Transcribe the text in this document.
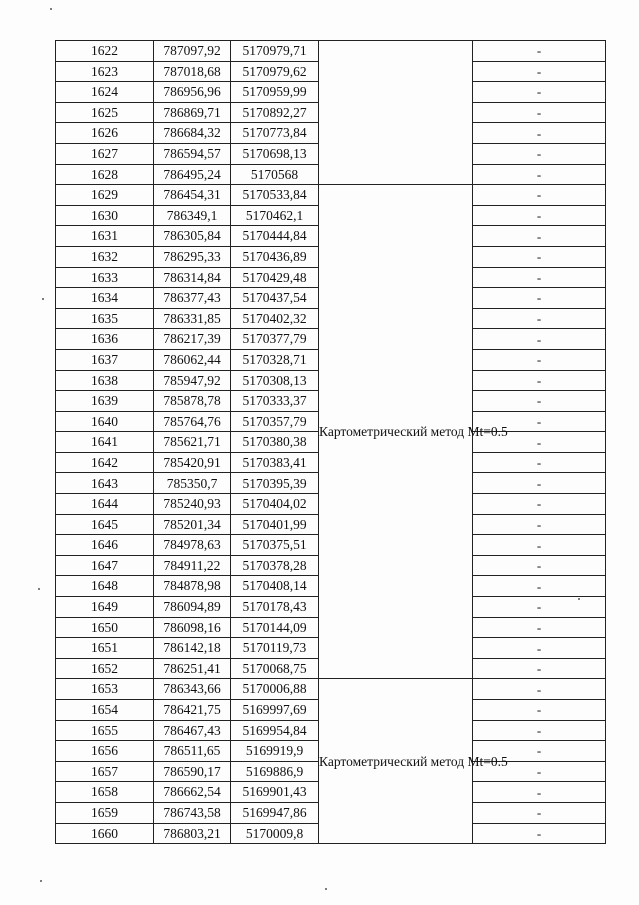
1622	787097,92	5170979,71		-
1623	787018,68	5170979,62		-
1624	786956,96	5170959,99		-
1625	786869,71	5170892,27		-
1626	786684,32	5170773,84		-
1627	786594,57	5170698,13		-
1628	786495,24	5170568		-
1629	786454,31	5170533,84	Картометрический метод Mt=0.5	-
1630	786349,1	5170462,1		-
1631	786305,84	5170444,84		-
1632	786295,33	5170436,89		-
1633	786314,84	5170429,48		-
1634	786377,43	5170437,54		-
1635	786331,85	5170402,32		-
1636	786217,39	5170377,79		-
1637	786062,44	5170328,71		-
1638	785947,92	5170308,13		-
1639	785878,78	5170333,37		-
1640	785764,76	5170357,79		-
1641	785621,71	5170380,38		-
1642	785420,91	5170383,41		-
1643	785350,7	5170395,39		-
1644	785240,93	5170404,02		-
1645	785201,34	5170401,99		-
1646	784978,63	5170375,51		-
1647	784911,22	5170378,28		-
1648	784878,98	5170408,14		-
1649	786094,89	5170178,43		-
1650	786098,16	5170144,09		-
1651	786142,18	5170119,73		-
1652	786251,41	5170068,75		-
1653	786343,66	5170006,88	Картометрический метод Mt=0.5	-
1654	786421,75	5169997,69		-
1655	786467,43	5169954,84		-
1656	786511,65	5169919,9		-
1657	786590,17	5169886,9		-
1658	786662,54	5169901,43		-
1659	786743,58	5169947,86		-
1660	786803,21	5170009,8		-
